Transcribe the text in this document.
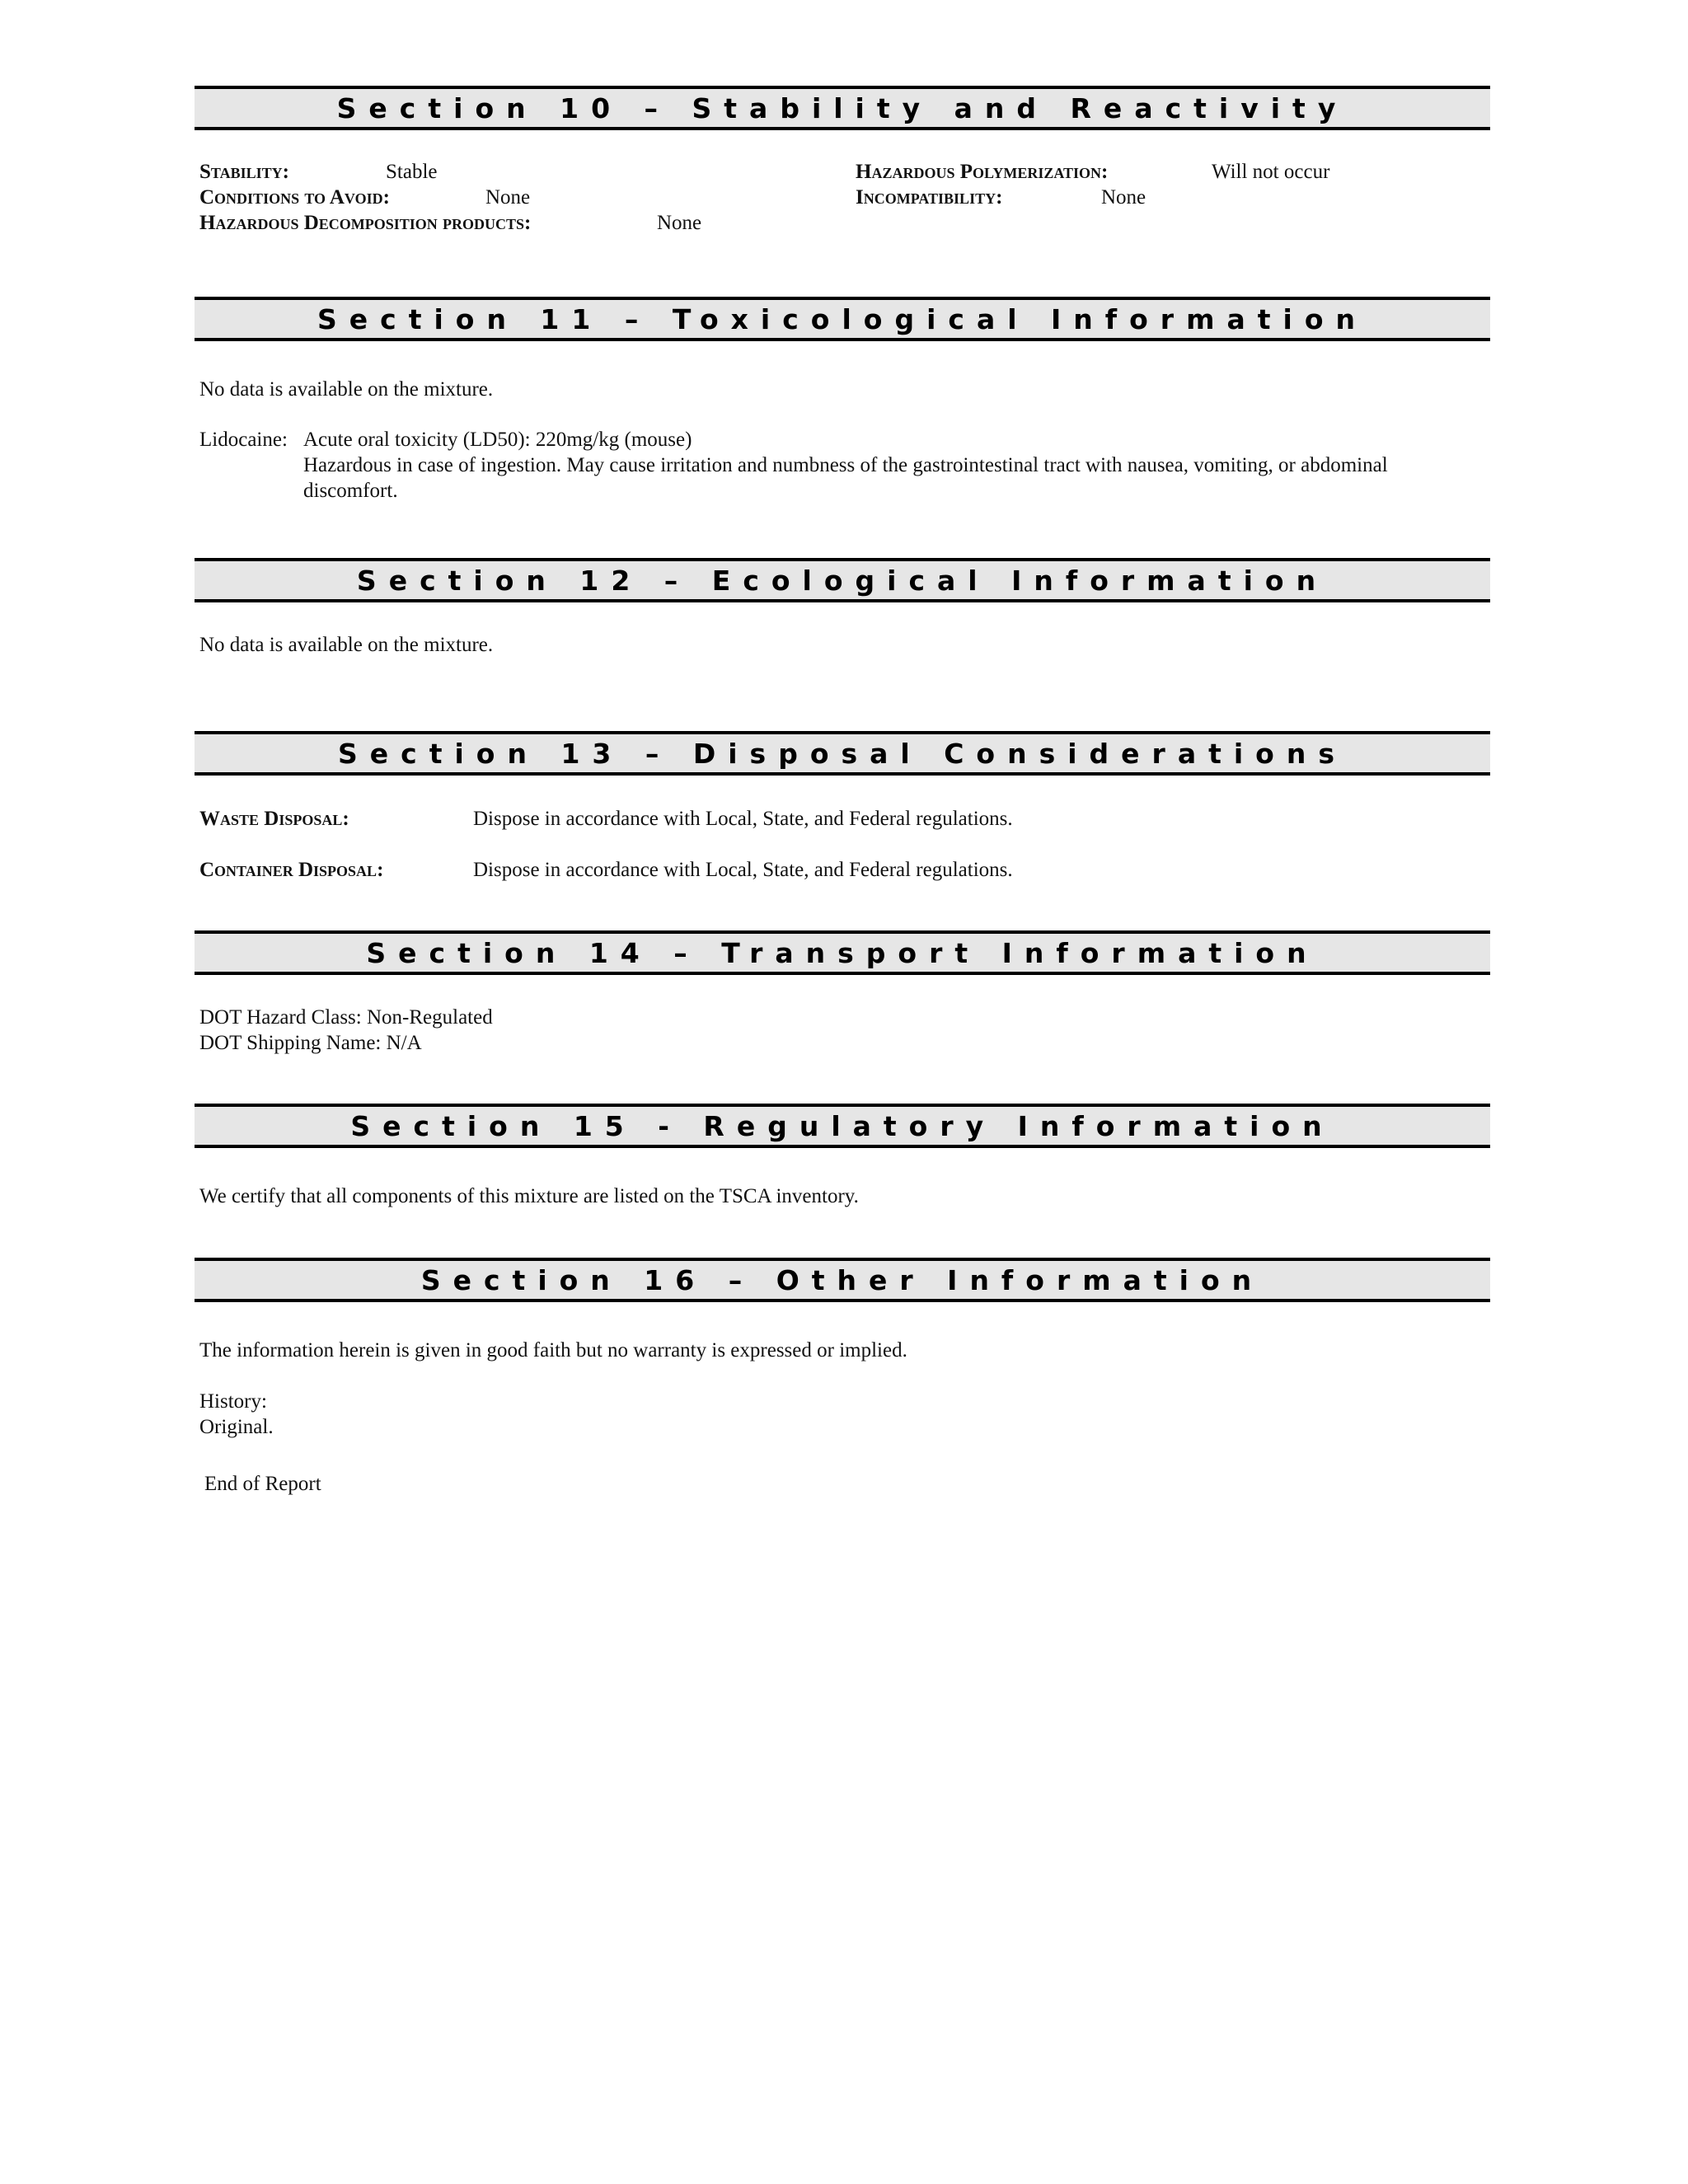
Section 10 – Stability and Reactivity
Stability:	Stable
Conditions to Avoid:	None
Hazardous Decomposition products:	None
Hazardous Polymerization:	Will not occur
Incompatibility:	None
Section 11 – Toxicological Information
No data is available on the mixture.
Lidocaine: Acute oral toxicity (LD50): 220mg/kg (mouse)
Hazardous in case of ingestion. May cause irritation and numbness of the gastrointestinal tract with nausea, vomiting, or abdominal
discomfort.
Section 12 – Ecological Information
No data is available on the mixture.
Section 13 – Disposal Considerations
Waste Disposal:	Dispose in accordance with Local, State, and Federal regulations.
Container Disposal:	Dispose in accordance with Local, State, and Federal regulations.
Section 14 – Transport Information
DOT Hazard Class: Non-Regulated
DOT Shipping Name: N/A
Section 15 - Regulatory Information
We certify that all components of this mixture are listed on the TSCA inventory.
Section 16 – Other Information
The information herein is given in good faith but no warranty is expressed or implied.
History:
Original.
End of Report
